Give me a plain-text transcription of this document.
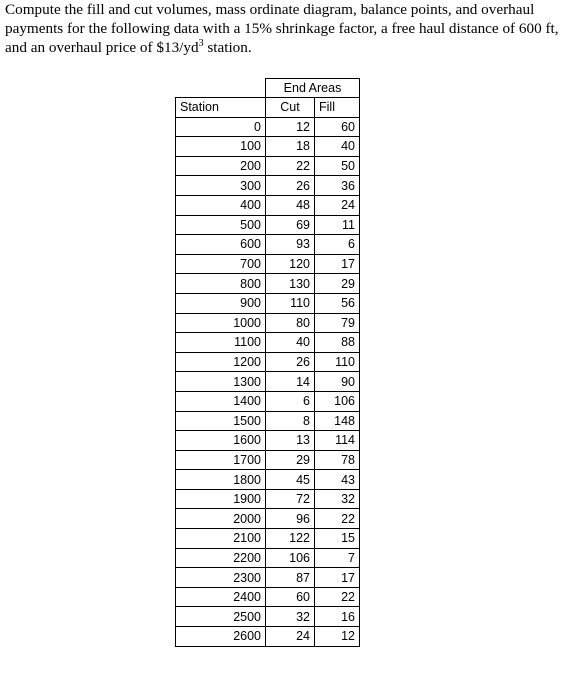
Compute the fill and cut volumes, mass ordinate diagram, balance points, and overhaul payments for the following data with a 15% shrinkage factor, a free haul distance of 600 ft, and an overhaul price of $\$13/yd^3$ station.

	End Areas	
Station	Cut	Fill
0	12	60
100	18	40
200	22	50
300	26	36
400	48	24
500	69	11
600	93	6
700	120	17
800	130	29
900	110	56
1000	80	79
1100	40	88
1200	26	110
1300	14	90
1400	6	106
1500	8	148
1600	13	114
1700	29	78
1800	45	43
1900	72	32
2000	96	22
2100	122	15
2200	106	7
2300	87	17
2400	60	22
2500	32	16
2600	24	12
